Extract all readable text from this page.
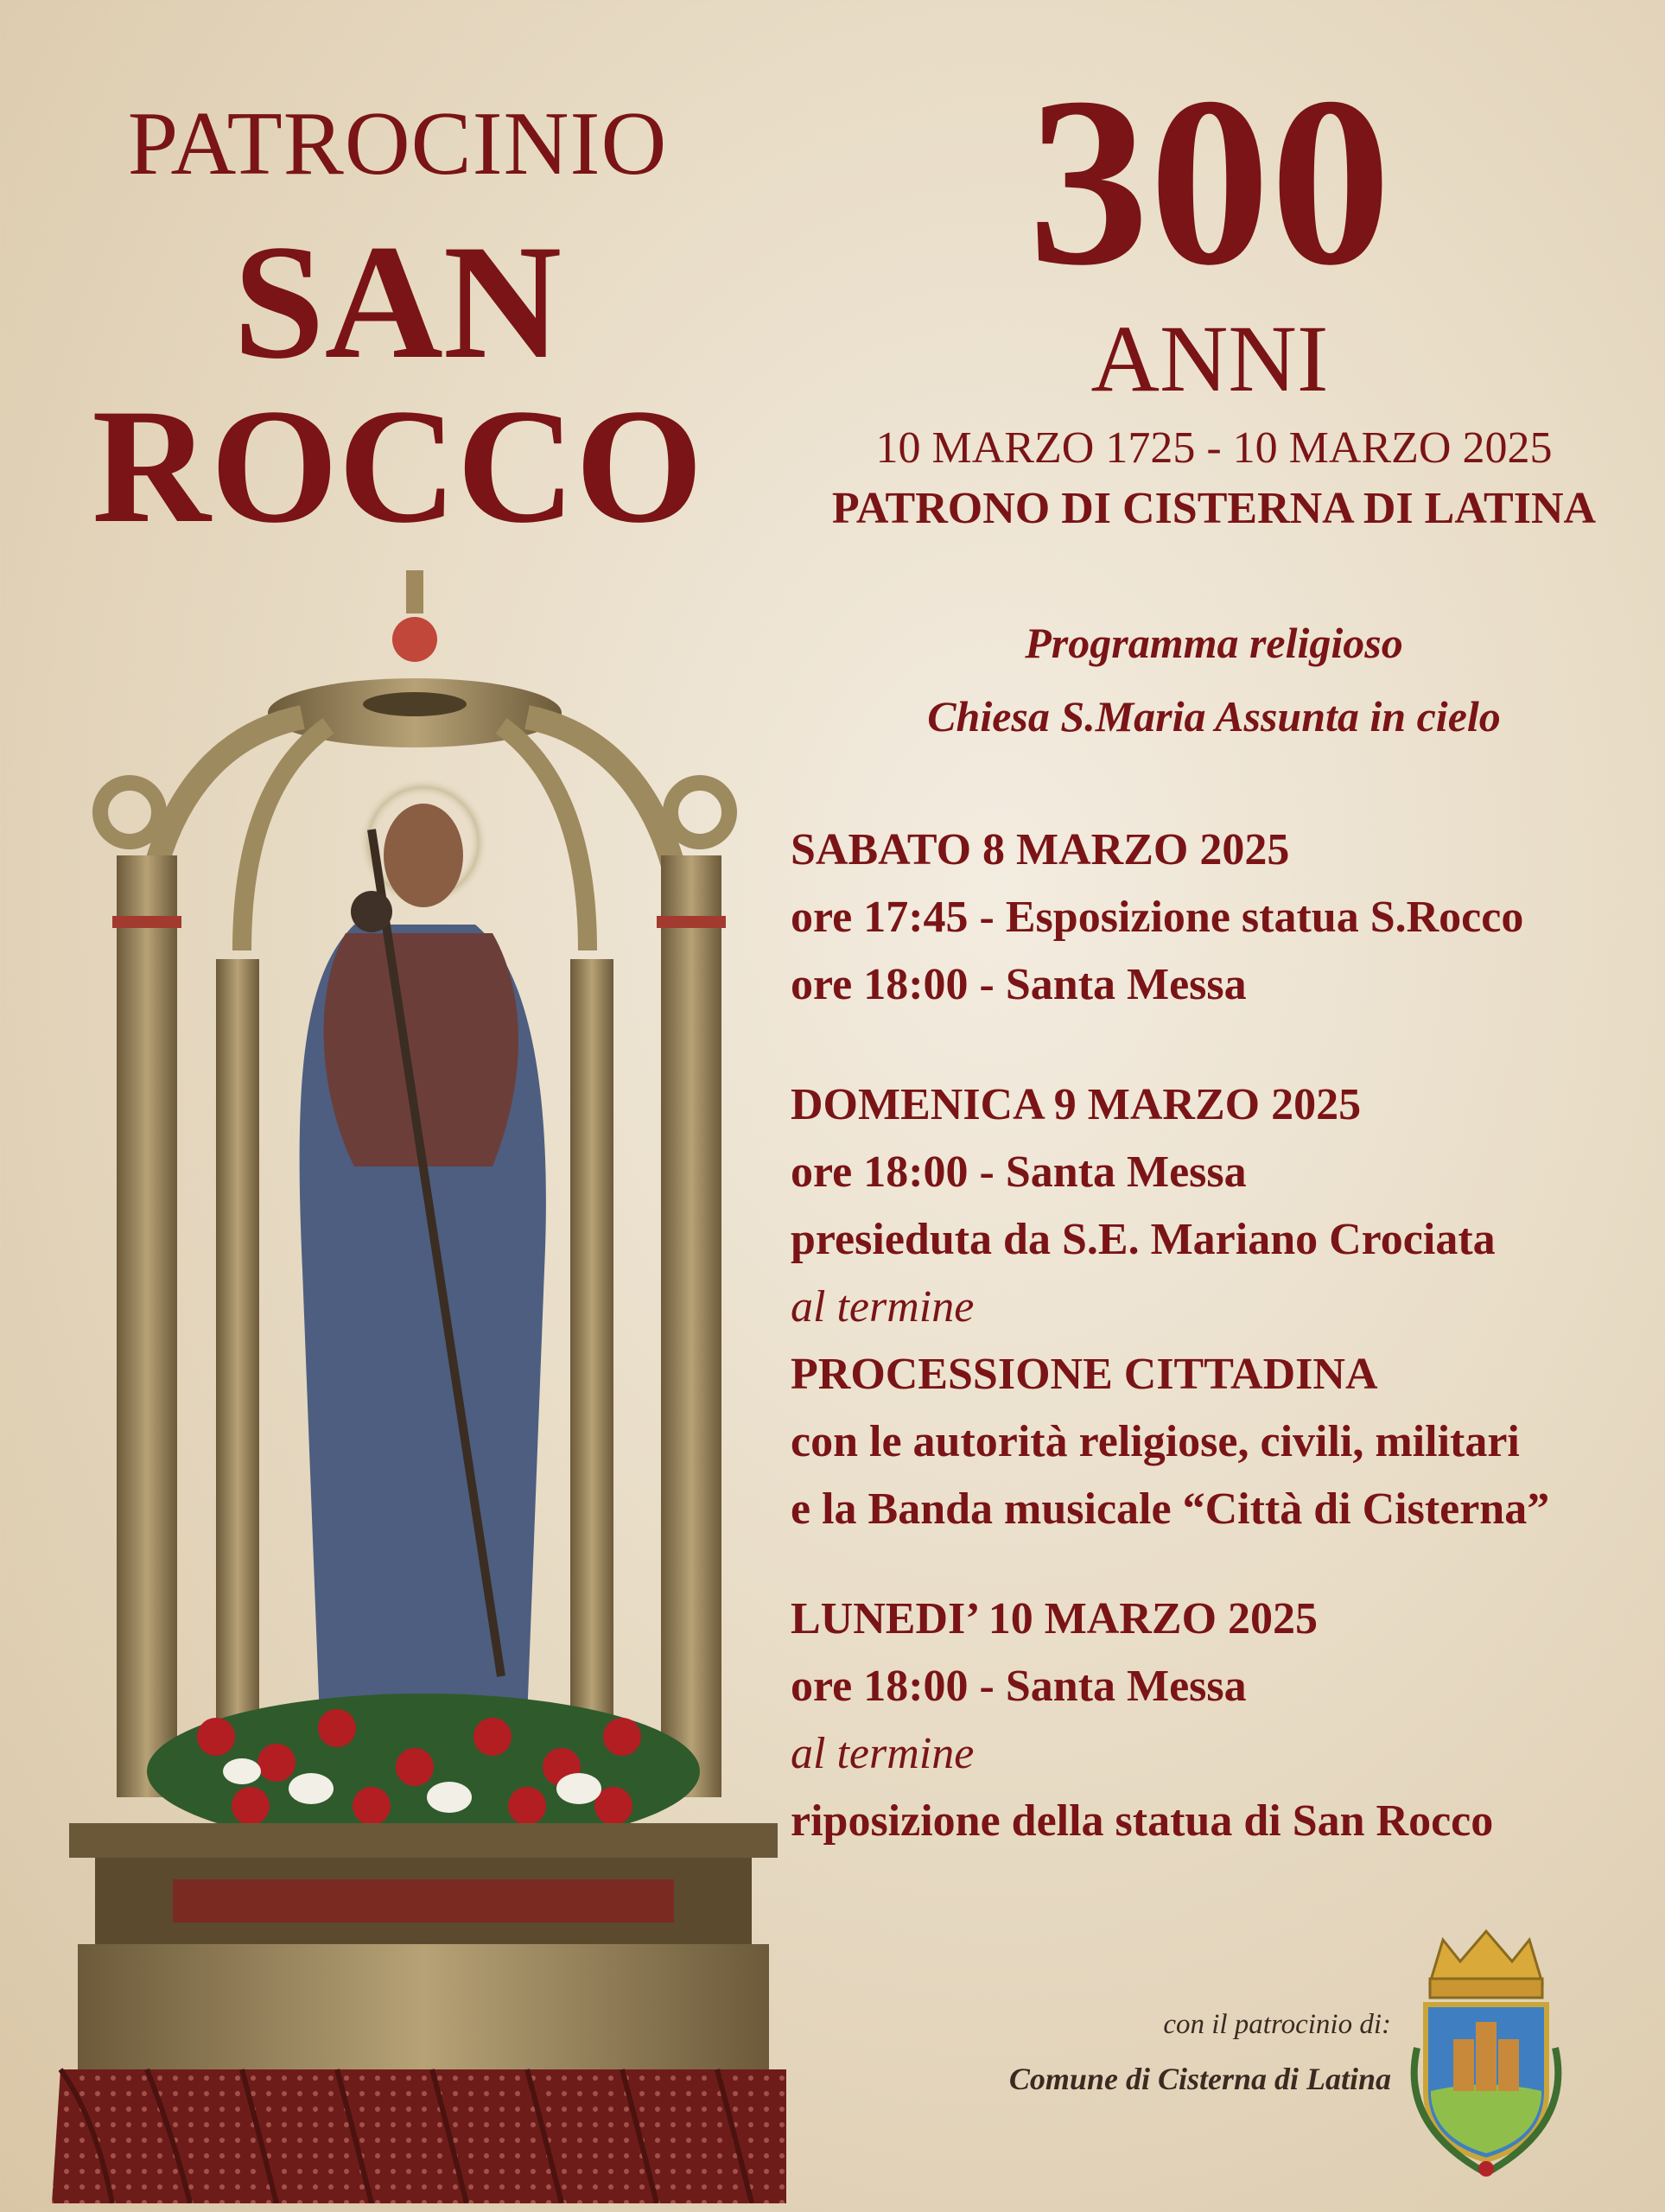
PATROCINIO
SAN
ROCCO
300
ANNI
10 MARZO 1725 - 10 MARZO 2025
PATRONO DI CISTERNA DI LATINA
Programma religioso
Chiesa S.Maria Assunta in cielo
SABATO 8 MARZO 2025
ore 17:45 - Esposizione statua S.Rocco
ore 18:00 - Santa Messa
DOMENICA 9 MARZO 2025
ore 18:00 - Santa Messa
presieduta da S.E. Mariano Crociata
al termine
PROCESSIONE CITTADINA
con le autorità religiose, civili, militari
e la Banda musicale “Città di Cisterna”
LUNEDI’ 10 MARZO 2025
ore 18:00 - Santa Messa
al termine
riposizione della statua di San Rocco
con il patrocinio di:
Comune di Cisterna di Latina
